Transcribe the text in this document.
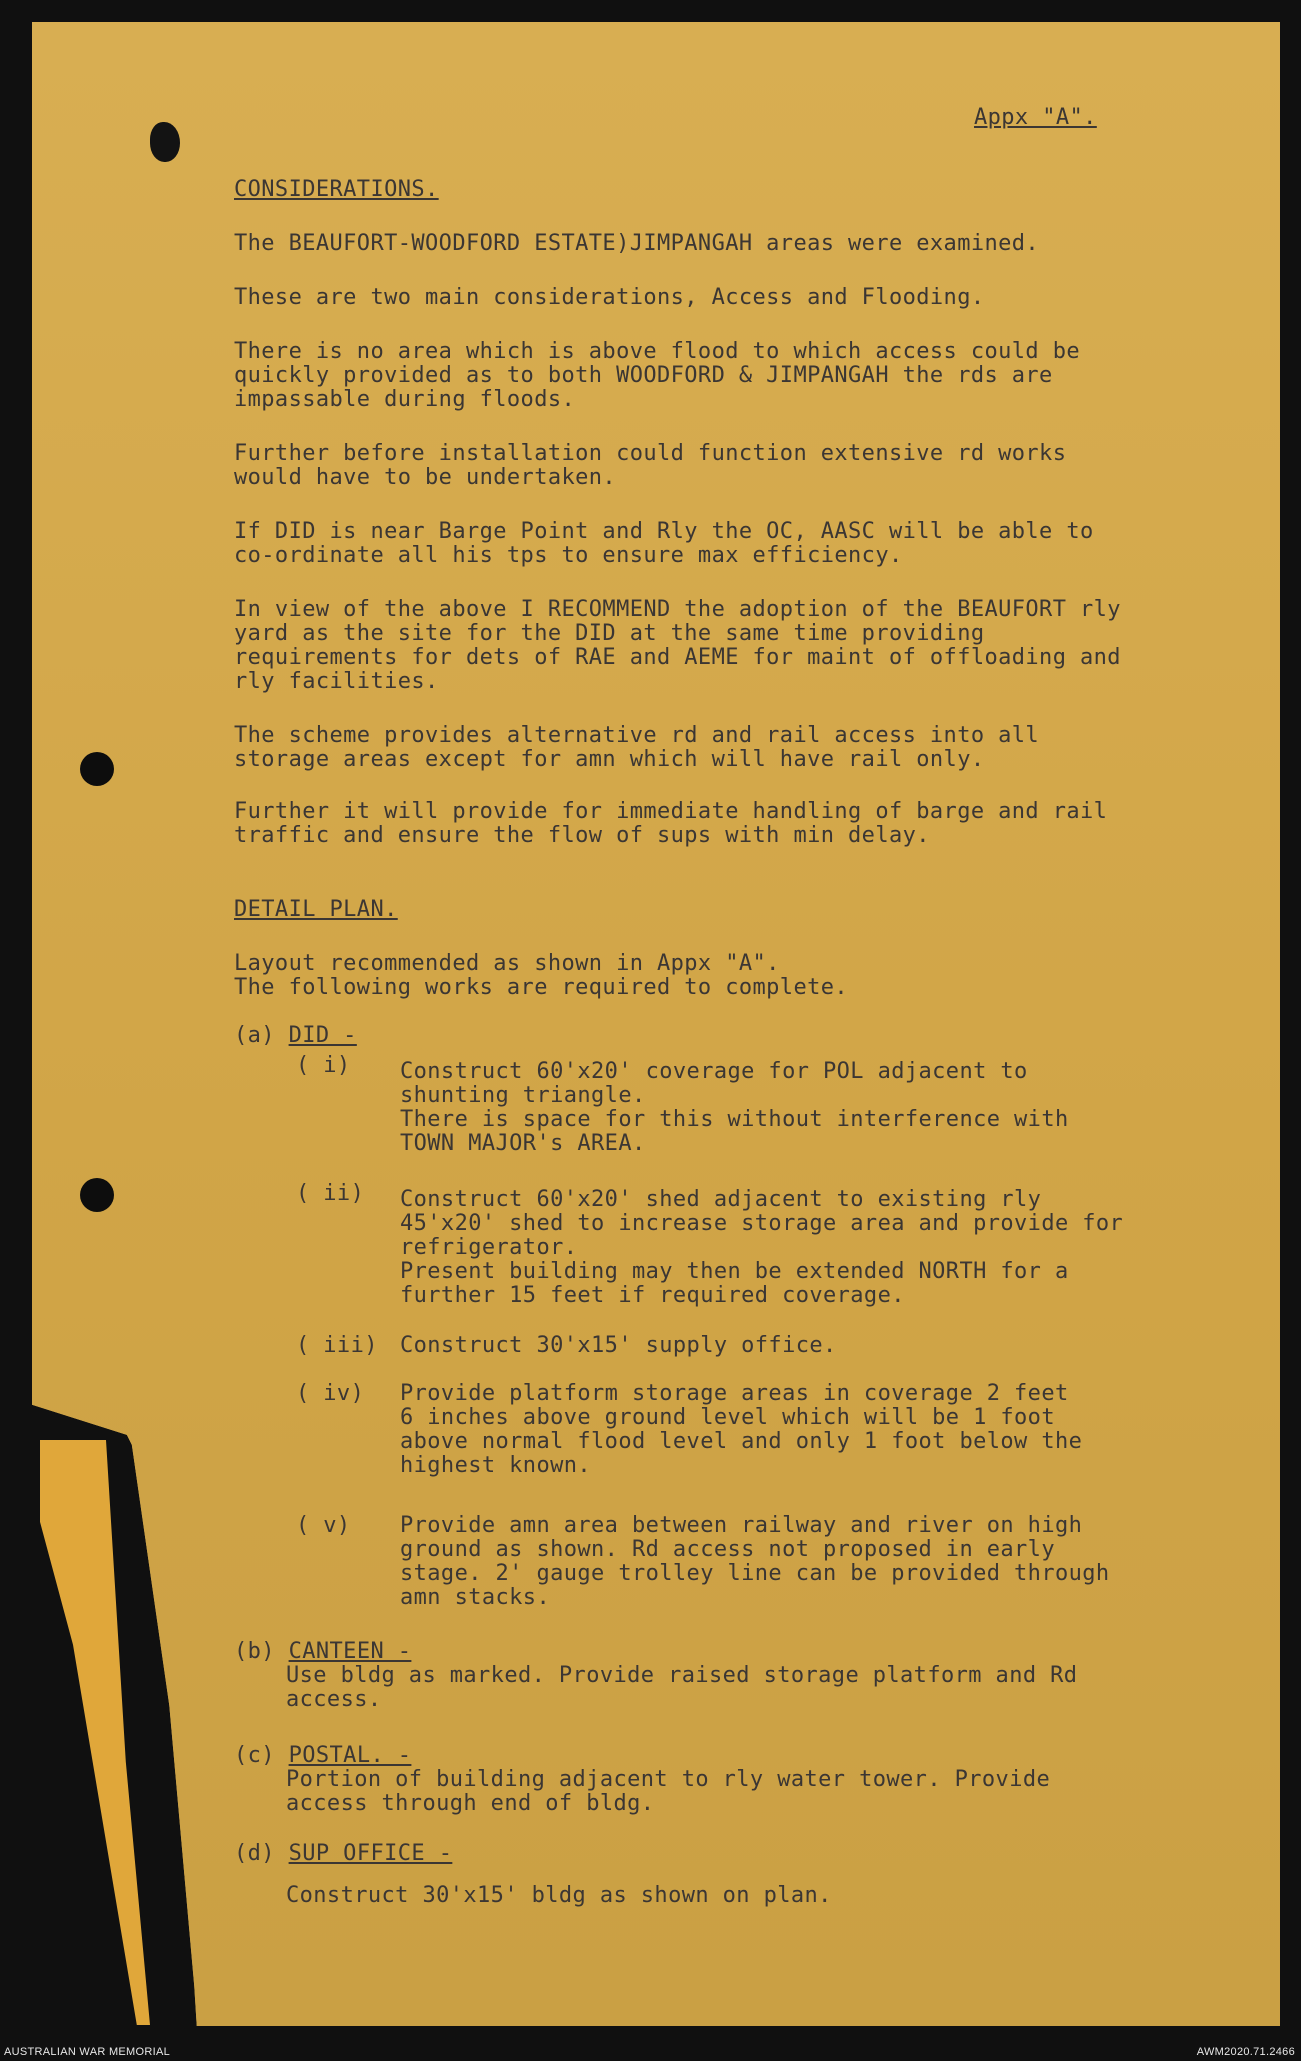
Appx "A".

CONSIDERATIONS.

The BEAUFORT-WOODFORD ESTATE)JIMPANGAH areas were examined.

These are two main considerations, Access and Flooding.

There is no area which is above flood to which access could be
quickly provided as to both WOODFORD & JIMPANGAH the rds are
impassable during floods.

Further before installation could function extensive rd works
would have to be undertaken.

If DID is near Barge Point and Rly the OC, AASC will be able to
co-ordinate all his tps to ensure max efficiency.

In view of the above I RECOMMEND the adoption of the BEAUFORT rly
yard as the site for the DID at the same time providing
requirements for dets of RAE and AEME for maint of offloading and
rly facilities.

The scheme provides alternative rd and rail access into all
storage areas except for amn which will have rail only.

Further it will provide for immediate handling of barge and rail
traffic and ensure the flow of sups with min delay.

DETAIL PLAN.

Layout recommended as shown in Appx "A".
The following works are required to complete.

(a) DID -

( i) Construct 60'x20' coverage for POL adjacent to
shunting triangle.
There is space for this without interference with
TOWN MAJOR's AREA.

( ii) Construct 60'x20' shed adjacent to existing rly
45'x20' shed to increase storage area and provide for
refrigerator.
Present building may then be extended NORTH for a
further 15 feet if required coverage.

( iii) Construct 30'x15' supply office.

( iv) Provide platform storage areas in coverage 2 feet
6 inches above ground level which will be 1 foot
above normal flood level and only 1 foot below the
highest known.

( v) Provide amn area between railway and river on high
ground as shown. Rd access not proposed in early
stage. 2' gauge trolley line can be provided through
amn stacks.

(b) CANTEEN -

Use bldg as marked. Provide raised storage platform and Rd
access.

(c) POSTAL. -

Portion of building adjacent to rly water tower. Provide
access through end of bldg.

(d) SUP OFFICE -

Construct 30'x15' bldg as shown on plan.

AUSTRALIAN WAR MEMORIAL	AWM2020.71.2466
